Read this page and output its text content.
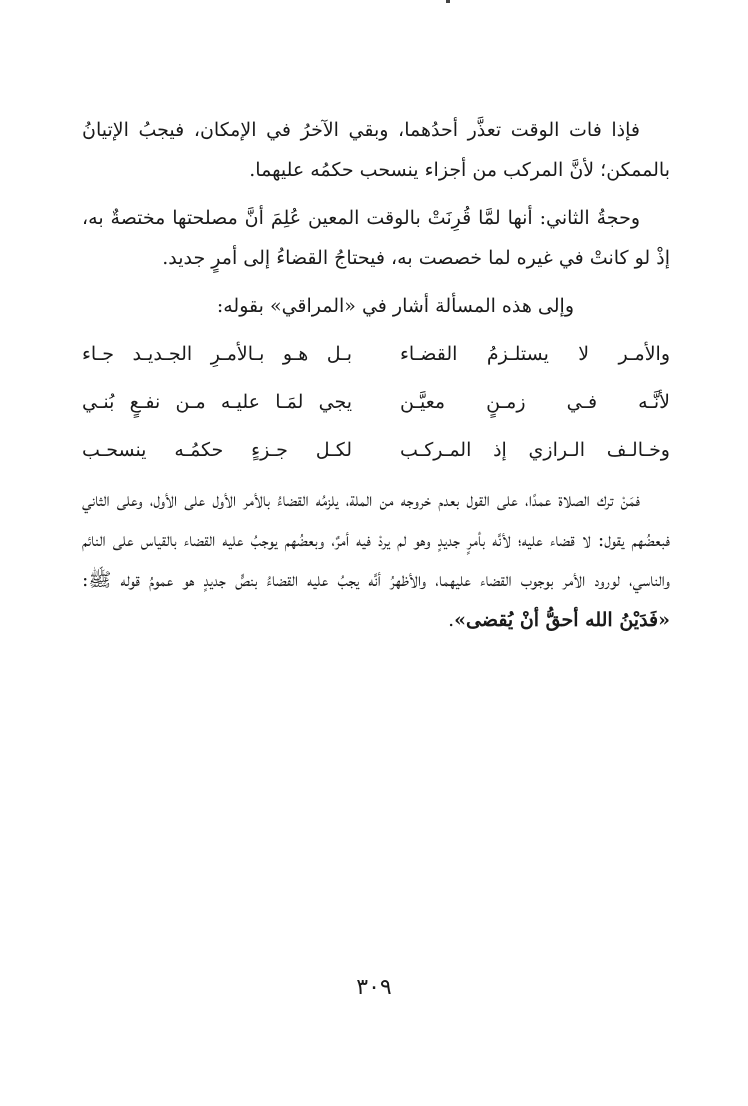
فإذا فات الوقت تعذَّر أحدُهما، وبقي الآخرُ في الإمكان، فيجبُ الإتيانُ بالممكن؛ لأنَّ المركب من أجزاء ينسحب حكمُه عليهما.

وحجةُ الثاني: أنها لمَّا قُرِنَتْ بالوقت المعين عُلِمَ أنَّ مصلحتها مختصةٌ به، إذْ لو كانتْ في غيره لما خصصت به، فيحتاجُ القضاءُ إلى أمرٍ جديد.

وإلى هذه المسألة أشار في «المراقي» بقوله:

والأمـر لا يستلـزمُ القضـاء
بـل هـو بـالأمـرِ الجـديـد جـاء
لأنَّـه فـي زمـنٍ معيَّـن
يجي لمَـا عليـه مـن نفـعٍ بُنـي
وخـالـف الـرازي إذ المـركـب
لكـل جـزءٍ حكمُـه ينسحـب

فمَنْ ترك الصلاة عمدًا، على القول بعدم خروجه من الملة، يلزمُه القضاءُ بالأمر الأول على الأول، وعلى الثاني فبعضُهم يقول: لا قضاء عليه؛ لأنَّه بأمرٍ جديدٍ وهو لم يردْ فيه أمرٌ، وبعضُهم يوجبُ عليه القضاء بالقياس على النائم والناسي، لورود الأمر بوجوب القضاء عليهما، والأظهرُ أنَّه يجبُ عليه القضاءُ بنصٍّ جديدٍ هو عمومُ قوله ﷺ: «فَدَيْنُ الله أحقُّ أنْ يُقضى».

٣٠٩
